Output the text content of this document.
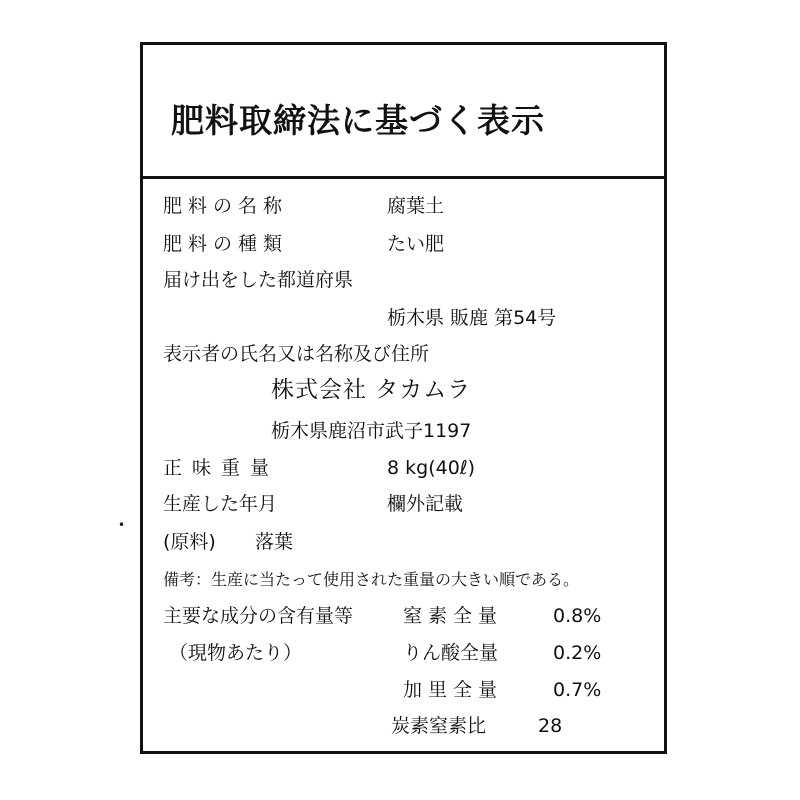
肥料取締法に基づく表示
肥料の名称	腐葉土
肥料の種類	たい肥
届け出をした都道府県
栃木県 販鹿 第54号
表示者の氏名又は名称及び住所
株式会社 タカムラ
栃木県鹿沼市武子1197
正味重量	8 kg(40ℓ)
生産した年月	欄外記載
(原料) 落葉
備考：生産に当たって使用された重量の大きい順である。
主要な成分の含有量等
（現物あたり）
窒素全量	0.8%
りん酸全量	0.2%
加里全量	0.7%
炭素窒素比	28
•
